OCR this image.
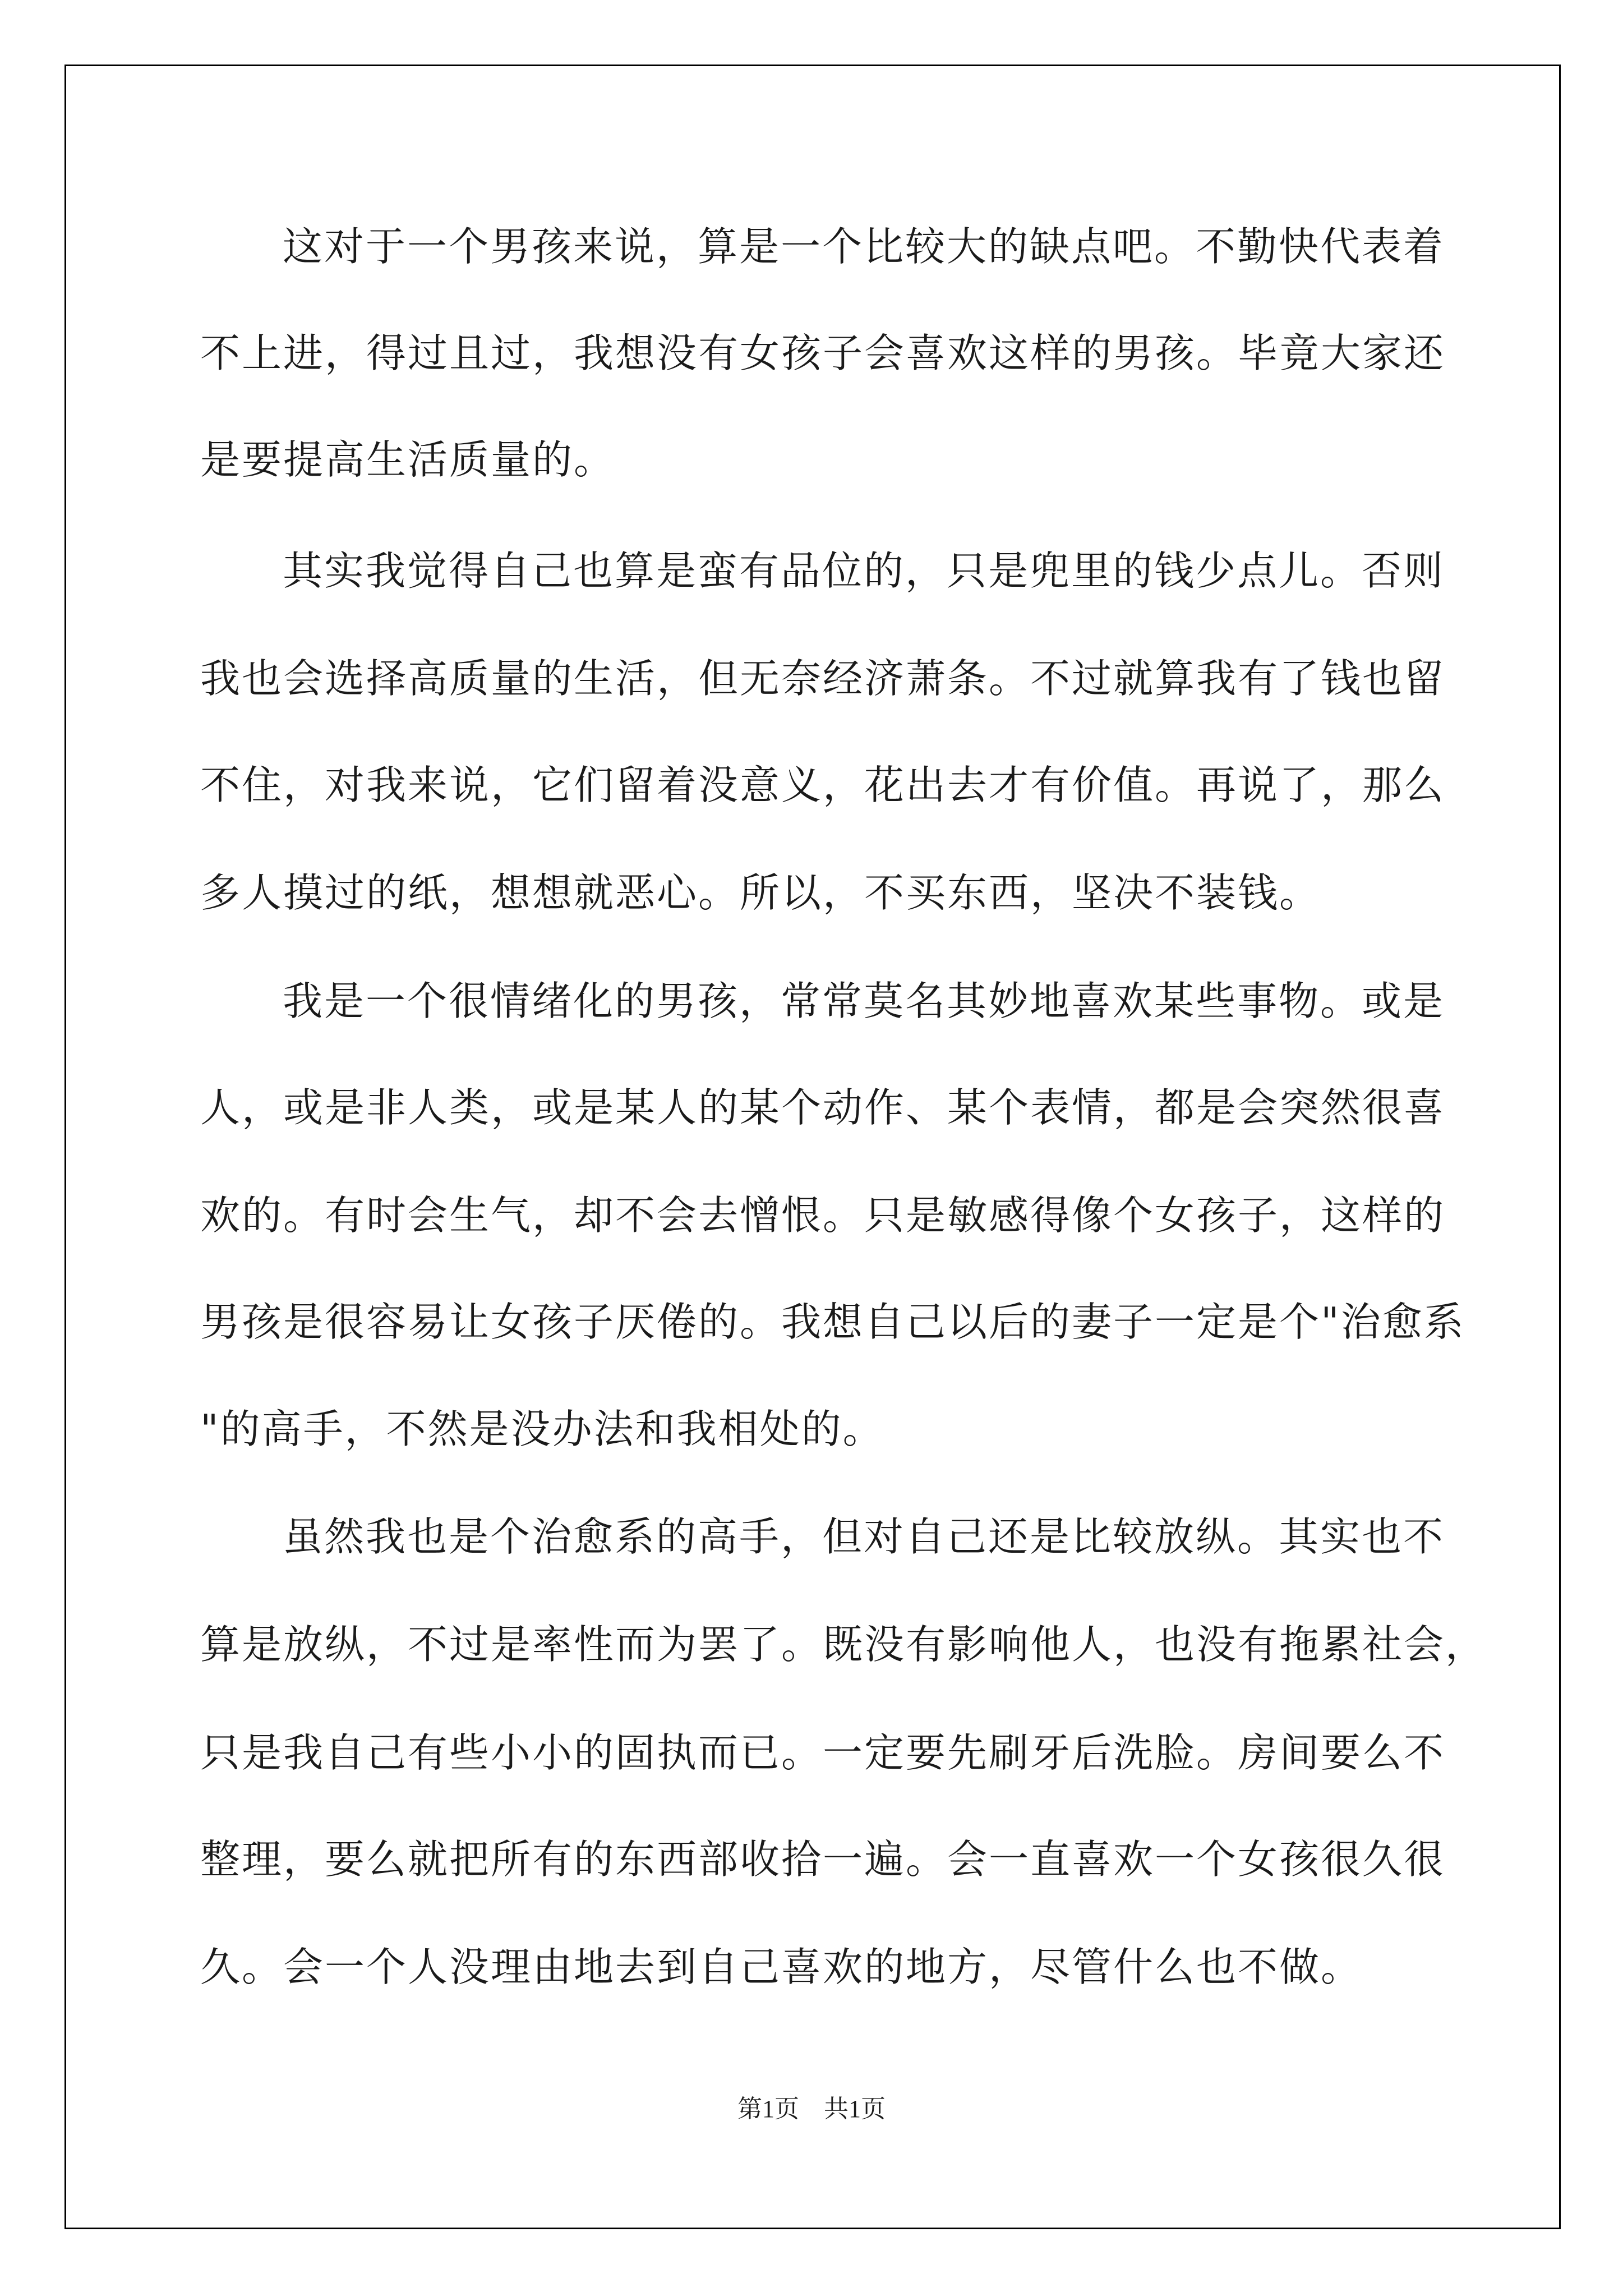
这对于一个男孩来说，算是一个比较大的缺点吧。不勤快代表着
不上进，得过且过，我想没有女孩子会喜欢这样的男孩。毕竟大家还
是要提高生活质量的。
其实我觉得自己也算是蛮有品位的，只是兜里的钱少点儿。否则
我也会选择高质量的生活，但无奈经济萧条。不过就算我有了钱也留
不住，对我来说，它们留着没意义，花出去才有价值。再说了，那么
多人摸过的纸，想想就恶心。所以，不买东西，坚决不装钱。
我是一个很情绪化的男孩，常常莫名其妙地喜欢某些事物。或是
人，或是非人类，或是某人的某个动作、某个表情，都是会突然很喜
欢的。有时会生气，却不会去憎恨。只是敏感得像个女孩子，这样的
男孩是很容易让女孩子厌倦的。我想自己以后的妻子一定是个"治愈系
"的高手，不然是没办法和我相处的。
虽然我也是个治愈系的高手，但对自己还是比较放纵。其实也不
算是放纵，不过是率性而为罢了。既没有影响他人，也没有拖累社会，
只是我自己有些小小的固执而已。一定要先刷牙后洗脸。房间要么不
整理，要么就把所有的东西部收拾一遍。会一直喜欢一个女孩很久很
久。会一个人没理由地去到自己喜欢的地方，尽管什么也不做。
第1页　共1页
